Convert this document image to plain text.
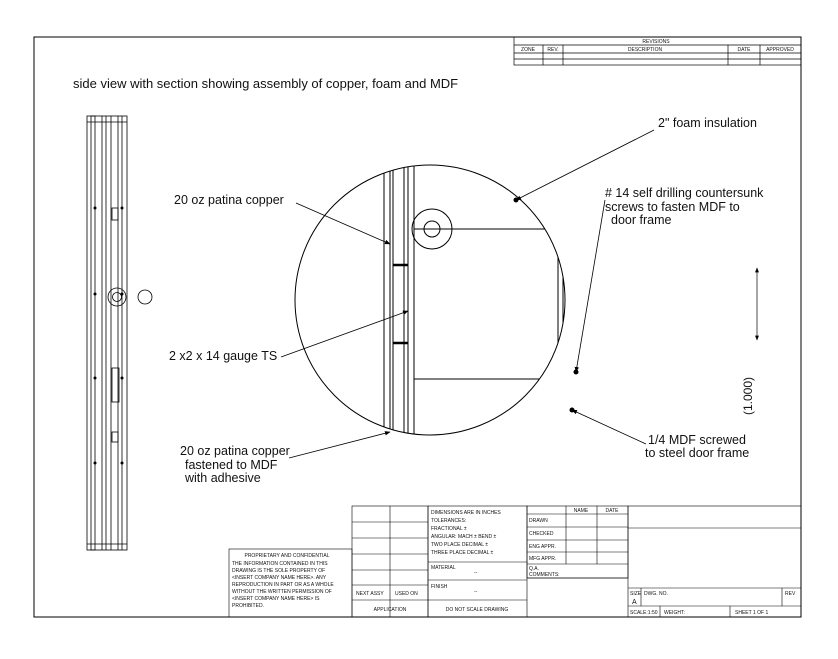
REVISIONS
ZONE REV.	DESCRIPTION	DATE	APPROVED
side view with section showing assembly of copper, foam and MDF
(1.000)
2" foam insulation
20 oz patina copper	# 14 self drilling countersunk
screws to fasten MDF to
door frame
2 x2 x 14 gauge TS
1/4 MDF screwed
to steel door frame
20 oz patina copper
fastened to MDF
with adhesive
PROPRIETARY AND CONFIDENTIAL
THE INFORMATION CONTAINED IN THIS
DRAWING IS THE SOLE PROPERTY OF
<INSERT COMPANY NAME HERE>. ANY
REPRODUCTION IN PART OR AS A WHOLE
WITHOUT THE WRITTEN PERMISSION OF
<INSERT COMPANY NAME HERE> IS
PROHIBITED.
NEXT ASSY USED ON
APPLICATION
DIMENSIONS ARE IN INCHES
TOLERANCES:
FRACTIONAL ±
ANGULAR: MACH ± BEND ±
TWO PLACE DECIMAL ±
THREE PLACE DECIMAL ±
MATERIAL
--
FINISH
--
DO NOT SCALE DRAWING
NAME	DATE
DRAWN
CHECKED
ENG APPR.
MFG APPR.
Q.A.
COMMENTS:
SIZE
A
DWG. NO.	REV
SCALE:1:50 WEIGHT:	SHEET 1 OF 1
